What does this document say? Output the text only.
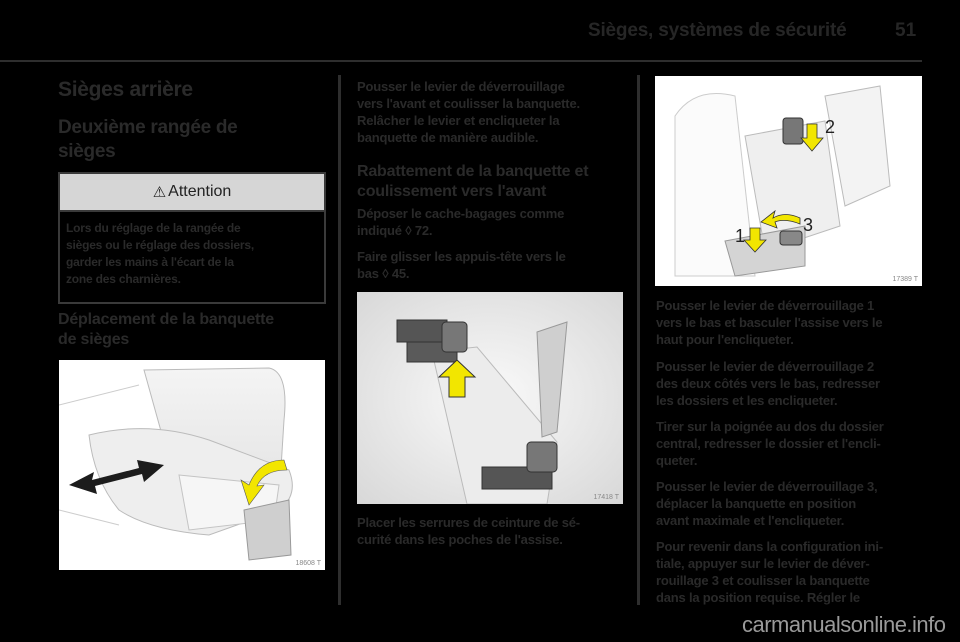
Sièges, systèmes de sécurité	51
Sièges arrière
Deuxième rangée de
sièges
⚠ Attention
Lors du réglage de la rangée de
sièges ou le réglage des dossiers,
garder les mains à l'écart de la
zone des charnières.
Déplacement de la banquette
de sièges
18608 T
Pousser le levier de déverrouillage
vers l'avant et coulisser la banquette.
Relâcher le levier et encliqueter la
banquette de manière audible.
Rabattement de la banquette et
coulissement vers l'avant
Déposer le cache-bagages comme
indiqué ◊ 72.
Faire glisser les appuis-tête vers le
bas ◊ 45.
17418 T
Placer les serrures de ceinture de sé-
curité dans les poches de l'assise.
2
3
1
17389 T
Pousser le levier de déverrouillage 1
vers le bas et basculer l'assise vers le
haut pour l'encliqueter.
Pousser le levier de déverrouillage 2
des deux côtés vers le bas, redresser
les dossiers et les encliqueter.
Tirer sur la poignée au dos du dossier
central, redresser le dossier et l'encli-
queter.
Pousser le levier de déverrouillage 3,
déplacer la banquette en position
avant maximale et l'encliqueter.
Pour revenir dans la configuration ini-
tiale, appuyer sur le levier de déver-
rouillage 3 et coulisser la banquette
dans la position requise. Régler le
carmanualsonline.info
